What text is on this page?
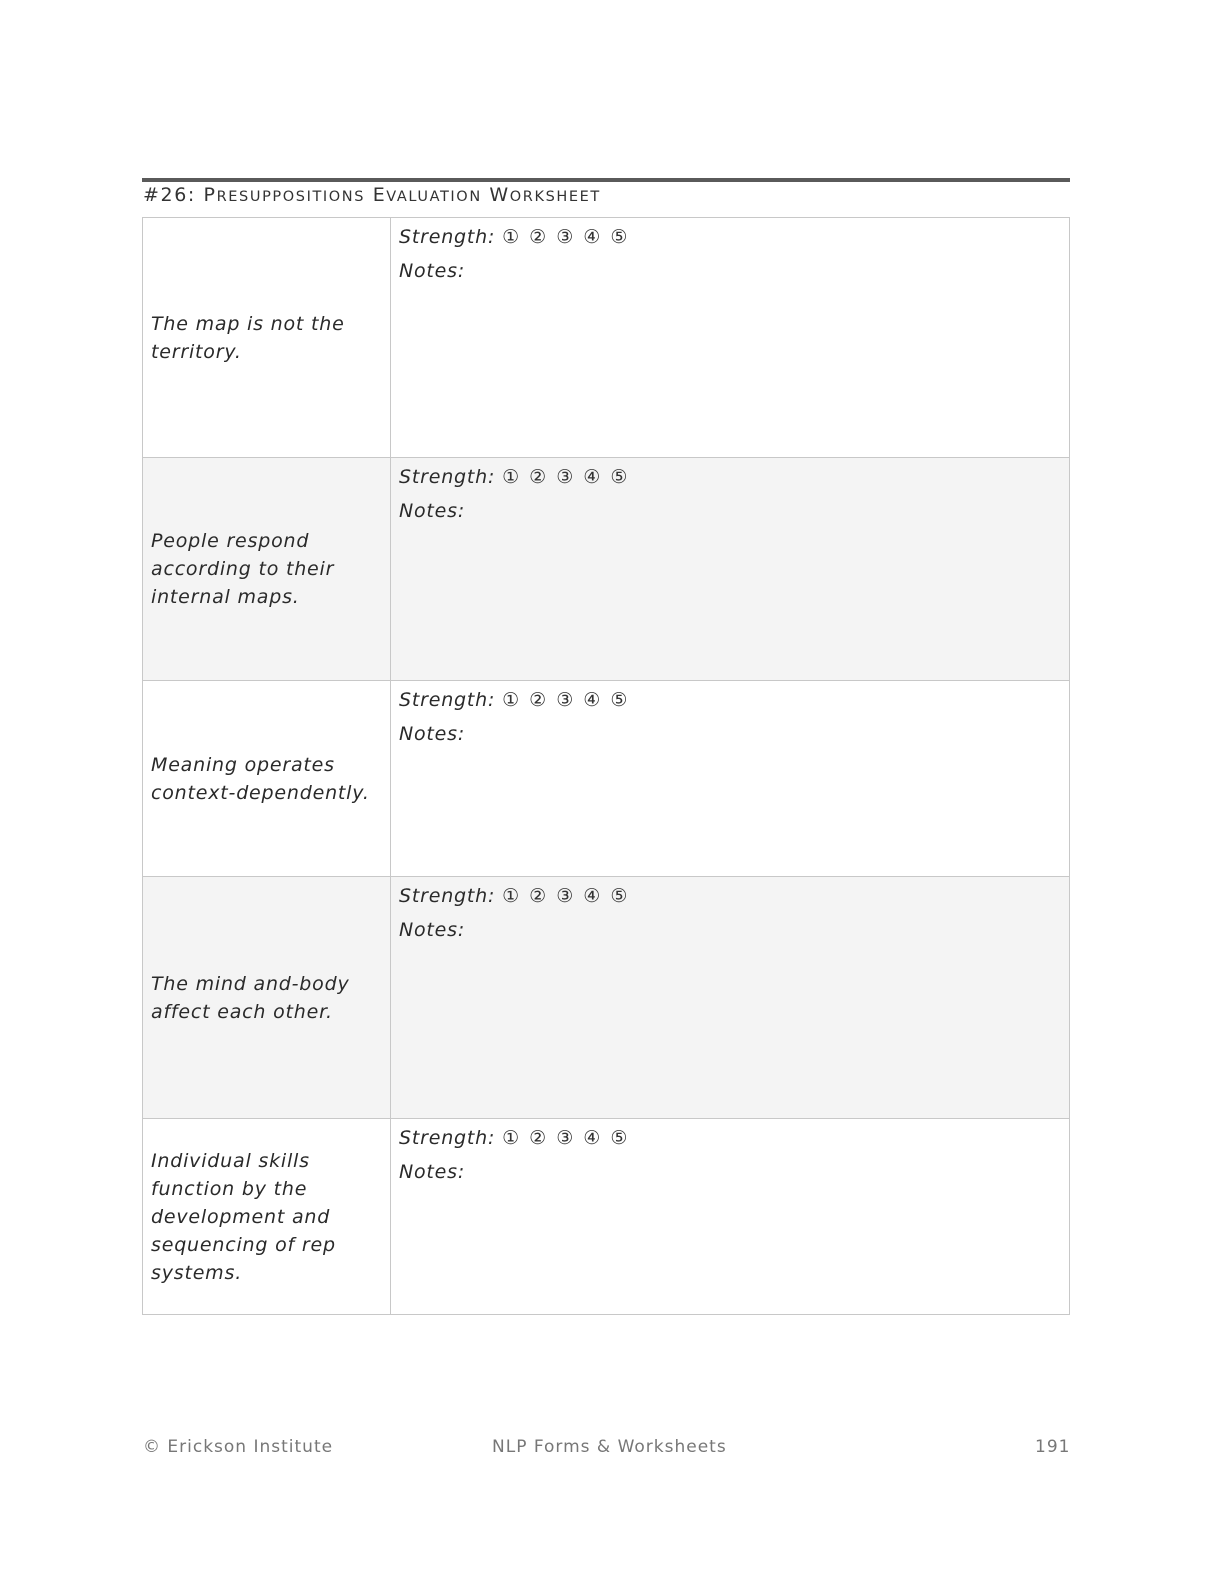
#26: PRESUPPOSITIONS EVALUATION WORKSHEET
The map is not the territory.	Strength: ① ② ③ ④ ⑤
Notes:

People respond according to their internal maps.	Strength: ① ② ③ ④ ⑤
Notes:

Meaning operates context-dependently.	Strength: ① ② ③ ④ ⑤
Notes:

The mind and-body affect each other.	Strength: ① ② ③ ④ ⑤
Notes:

Individual skills function by the development and sequencing of rep systems.	Strength: ① ② ③ ④ ⑤
Notes:
© Erickson Institute	NLP Forms & Worksheets	191
